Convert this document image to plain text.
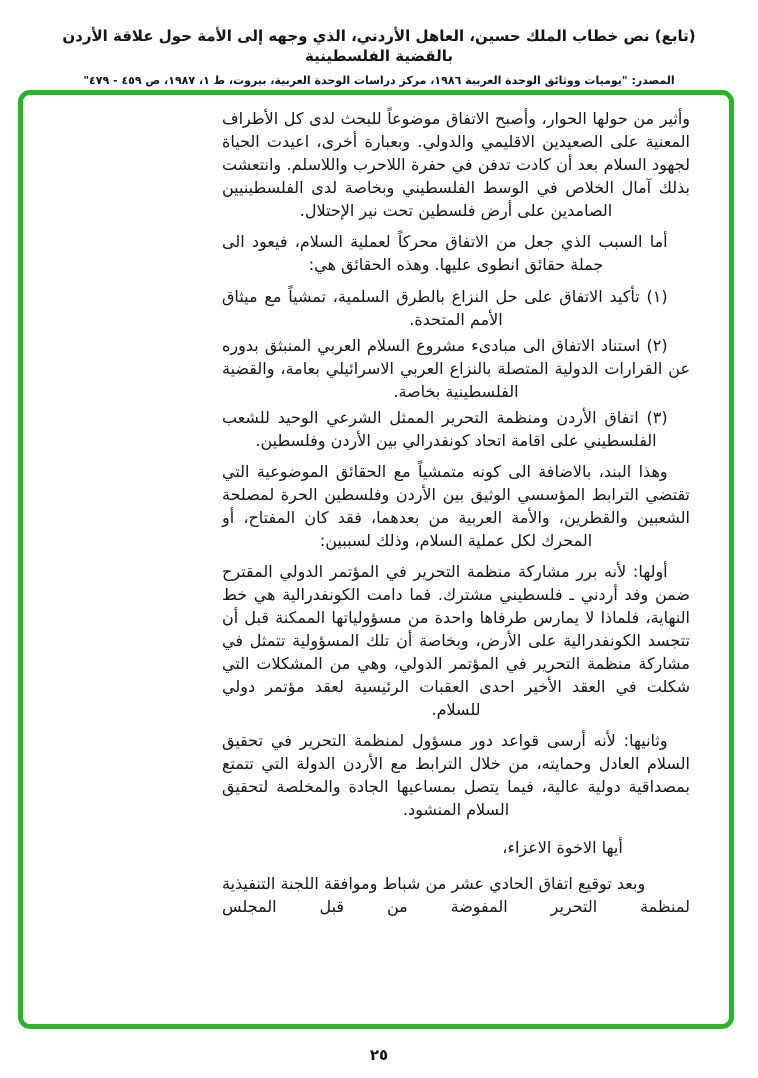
(تابع) نص خطاب الملك حسين، العاهل الأردني، الذي وجهه إلى الأمة حول علاقة الأردن بالقضية الفلسطينية
المصدر: "يوميات ووثائق الوحدة العربية ١٩٨٦، مركز دراسات الوحدة العربية، بيروت، ط ١، ١٩٨٧، ص ٤٥٩ - ٤٧٩"

وأثير من حولها الحوار، وأصبح الاتفاق موضوعاً للبحث لدى كل الأطراف المعنية على الصعيدين الاقليمي والدولي. وبعبارة أخرى، اعيدت الحياة لجهود السلام بعد أن كادت تدفن في حفرة اللاحرب واللاسلم. وانتعشت بذلك آمال الخلاص في الوسط الفلسطيني وبخاصة لدى الفلسطينيين الصامدين على أرض فلسطين تحت نير الإحتلال.

أما السبب الذي جعل من الاتفاق محركاً لعملية السلام، فيعود الى جملة حقائق انطوى عليها. وهذه الحقائق هي:

(١) تأكيد الاتفاق على حل النزاع بالطرق السلمية، تمشياً مع ميثاق الأمم المتحدة.

(٢) استناد الاتفاق الى مبادىء مشروع السلام العربي المنبثق بدوره عن القرارات الدولية المتصلة بالنزاع العربي الاسرائيلي بعامة، والقضية الفلسطينية بخاصة.

(٣) اتفاق الأردن ومنظمة التحرير الممثل الشرعي الوحيد للشعب الفلسطيني على اقامة اتحاد كونفدرالي بين الأردن وفلسطين.

وهذا البند، بالاضافة الى كونه متمشياً مع الحقائق الموضوعية التي تقتضي الترابط المؤسسي الوثيق بين الأردن وفلسطين الحرة لمصلحة الشعبين والقطرين، والأمة العربية من بعدهما، فقد كان المفتاح، أو المحرك لكل عملية السلام، وذلك لسببين:

أولها: لأنه برر مشاركة منظمة التحرير في المؤتمر الدولي المقترح ضمن وفد أردني ـ فلسطيني مشترك. فما دامت الكونفدرالية هي خط النهاية، فلماذا لا يمارس طرفاها واحدة من مسؤولياتها الممكنة قبل أن تتجسد الكونفدرالية على الأرض، وبخاصة أن تلك المسؤولية تتمثل في مشاركة منظمة التحرير في المؤتمر الدولي، وهي من المشكلات التي شكلت في العقد الأخير احدى العقبات الرئيسية لعقد مؤتمر دولي للسلام.

وثانيها: لأنه أرسى قواعد دور مسؤول لمنظمة التحرير في تحقيق السلام العادل وحمايته، من خلال الترابط مع الأردن الدولة التي تتمتع بمصداقية دولية عالية، فيما يتصل بمساعيها الجادة والمخلصة لتحقيق السلام المنشود.

أيها الاخوة الاعزاء،

وبعد توقيع اتفاق الحادي عشر من شباط وموافقة اللجنة التنفيذية لمنظمة التحرير المفوضة من قبل المجلس

٢٥
